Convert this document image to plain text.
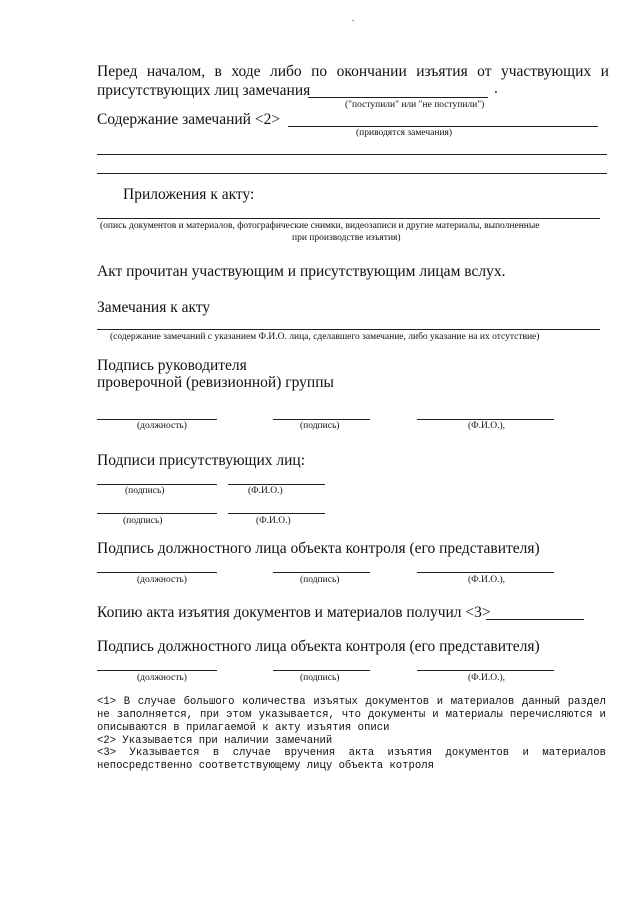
.
Перед началом, в ходе либо по окончании изъятия от участвующих и
присутствующих лиц замечания	.
("поступили" или "не поступили")
Содержание замечаний <2>
(приводятся замечания)
Приложения к акту:
(опись документов и материалов, фотографические снимки, видеозаписи и другие материалы, выполненные
при производстве изъятия)
Акт прочитан участвующим и присутствующим лицам вслух.
Замечания к акту
(содержание замечаний с указанием Ф.И.О. лица, сделавшего замечание, либо указание на их отсутствие)
Подпись руководителя
проверочной (ревизионной) группы
(должность)	(подпись)	(Ф.И.О.),
Подписи присутствующих лиц:
(подпись)	(Ф.И.О.)
(подпись)	(Ф.И.О.)
Подпись должностного лица объекта контроля (его представителя)
(должность)	(подпись)	(Ф.И.О.),
Копию акта изъятия документов и материалов получил <3>
Подпись должностного лица объекта контроля (его представителя)
(должность)	(подпись)	(Ф.И.О.),
<1> В случае большого количества изъятых документов и материалов данный раздел
не заполняется, при этом указывается, что документы и материалы перечисляются и
описываются в прилагаемой к акту изъятия описи
<2> Указывается при наличии замечаний
<3> Указывается в случае вручения акта изъятия документов и материалов
непосредственно соответствующему лицу объекта котроля
